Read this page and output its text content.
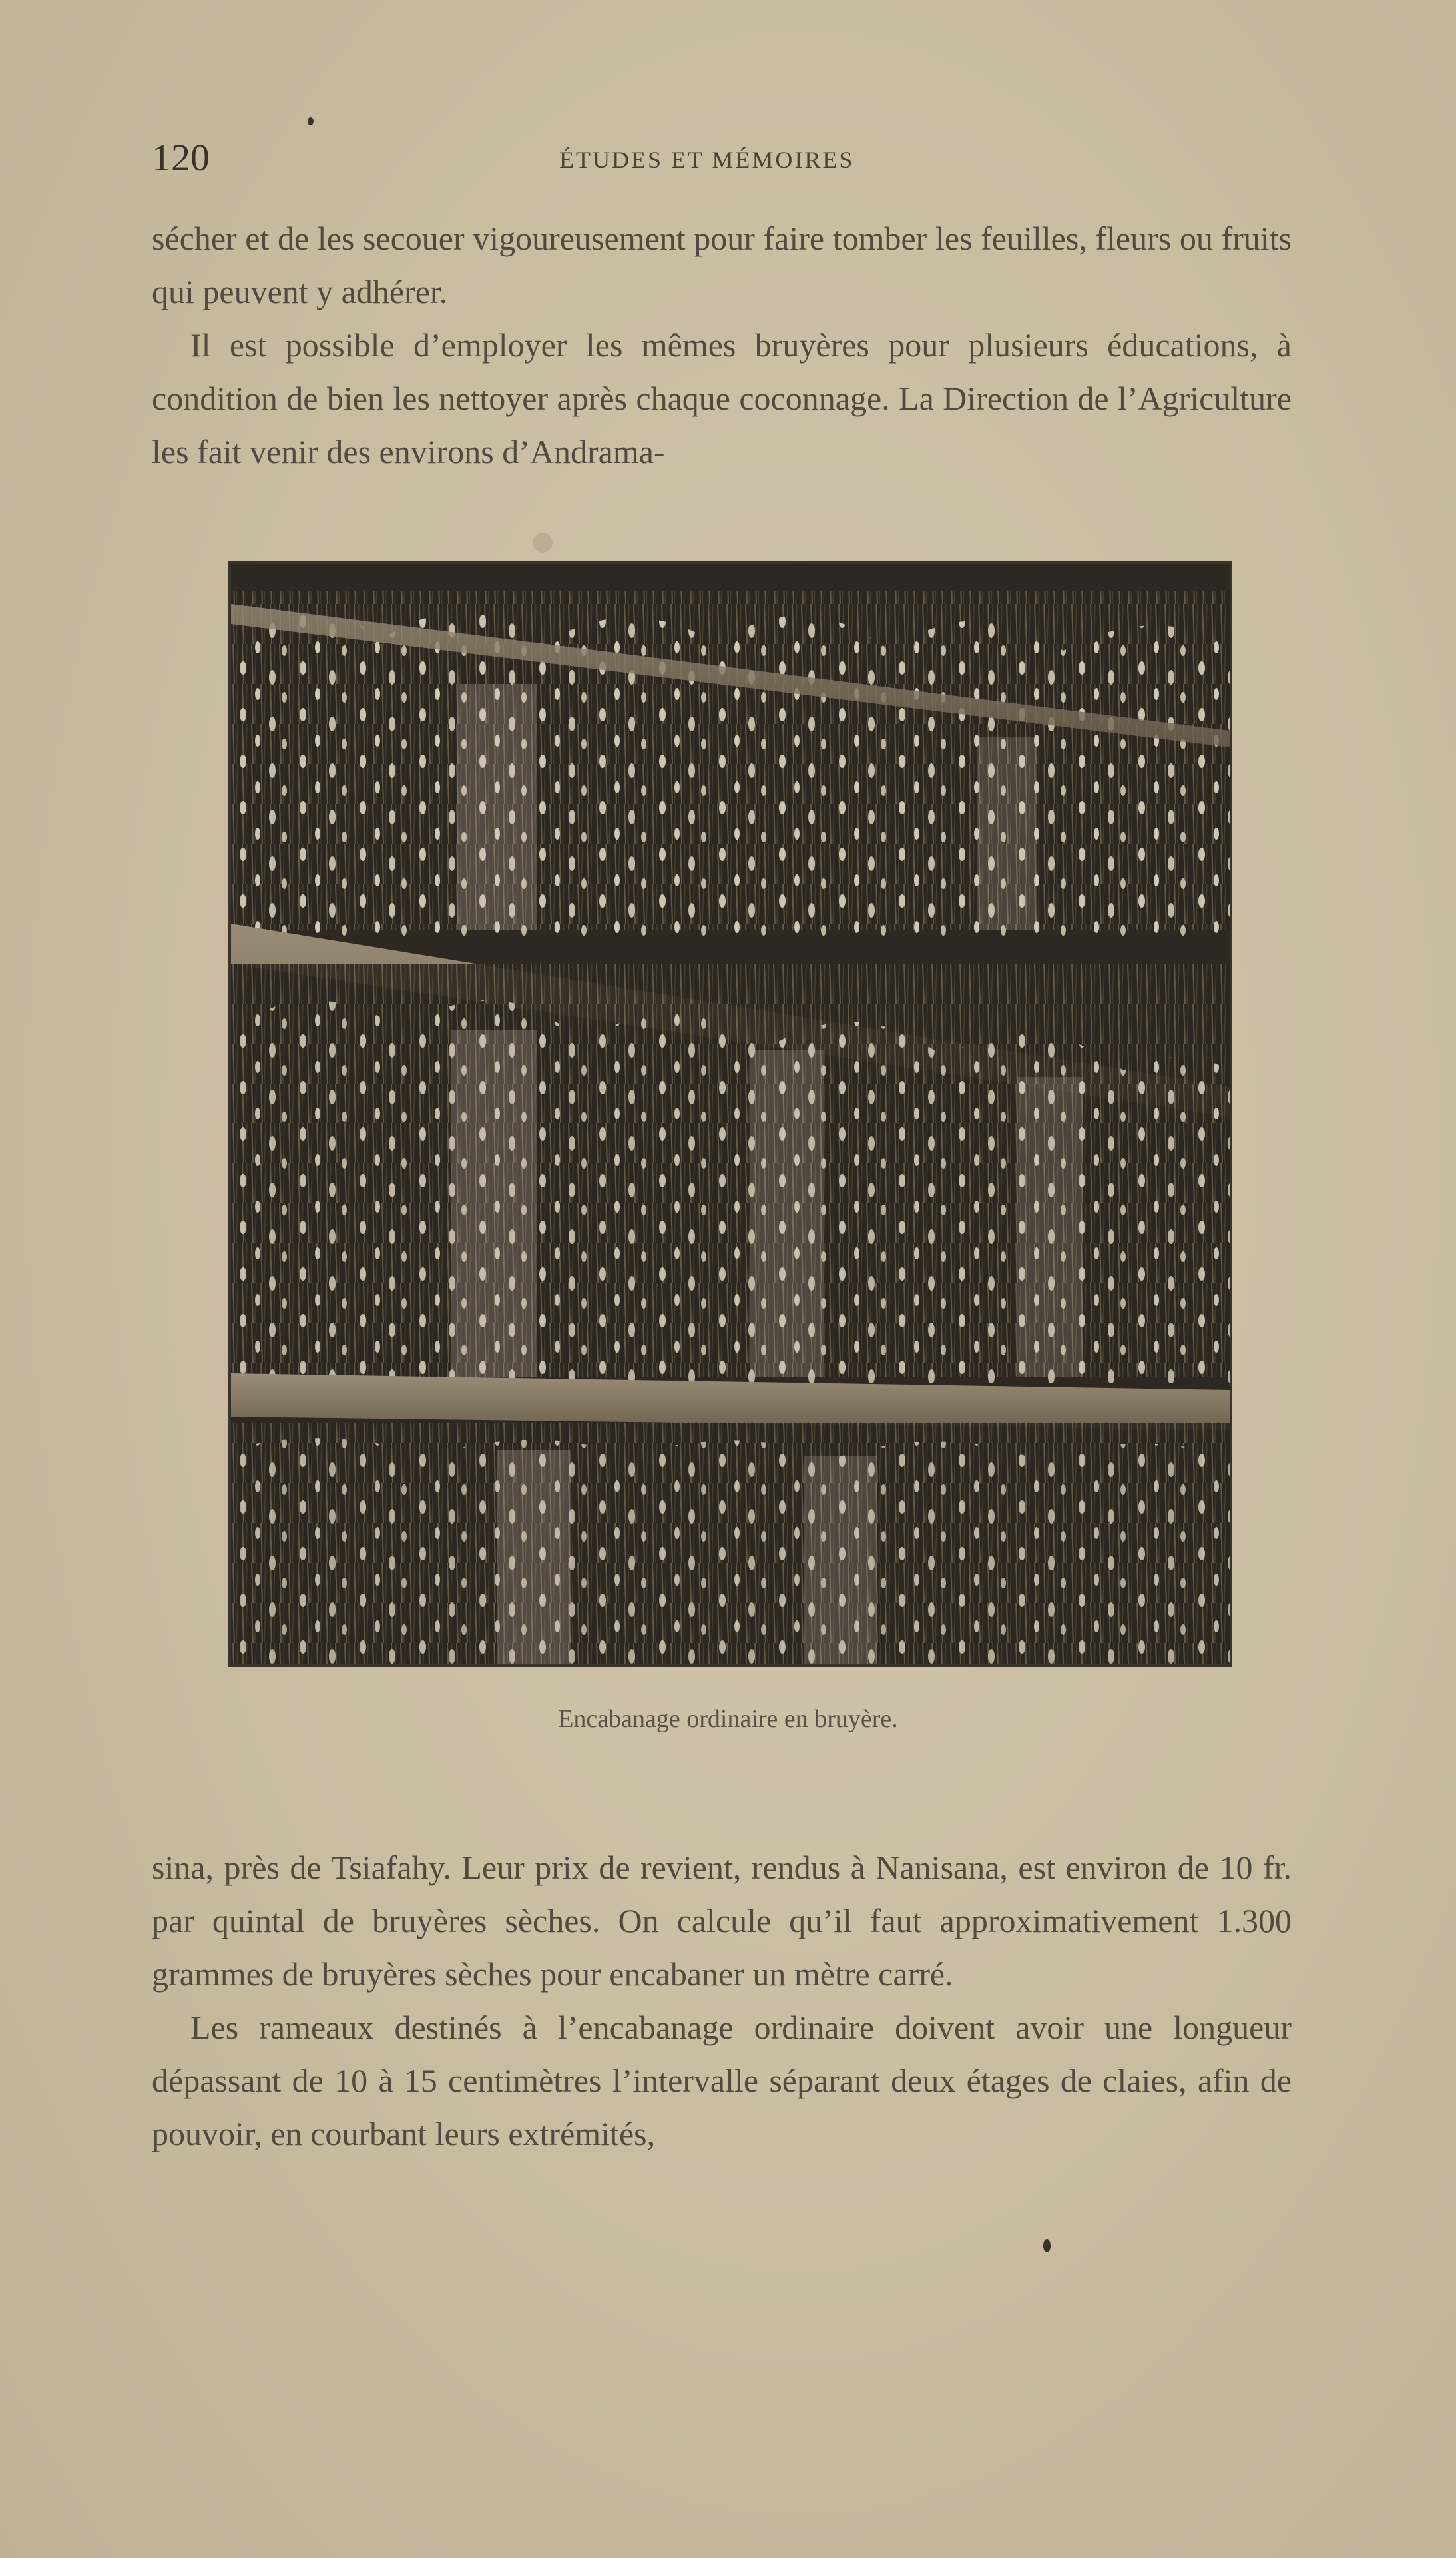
120	ÉTUDES ET MÉMOIRES

sécher et de les secouer vigoureusement pour faire tomber les feuilles, fleurs ou fruits qui peuvent y adhérer.

Il est possible d’employer les mêmes bruyères pour plusieurs éducations, à condition de bien les nettoyer après chaque coconnage. La Direction de l’Agriculture les fait venir des environs d’Andrama-

Encabanage ordinaire en bruyère.

sina, près de Tsiafahy. Leur prix de revient, rendus à Nanisana, est environ de 10 fr. par quintal de bruyères sèches. On calcule qu’il faut approximativement 1.300 grammes de bruyères sèches pour encabaner un mètre carré.

Les rameaux destinés à l’encabanage ordinaire doivent avoir une longueur dépassant de 10 à 15 centimètres l’intervalle séparant deux étages de claies, afin de pouvoir, en courbant leurs extrémités,
